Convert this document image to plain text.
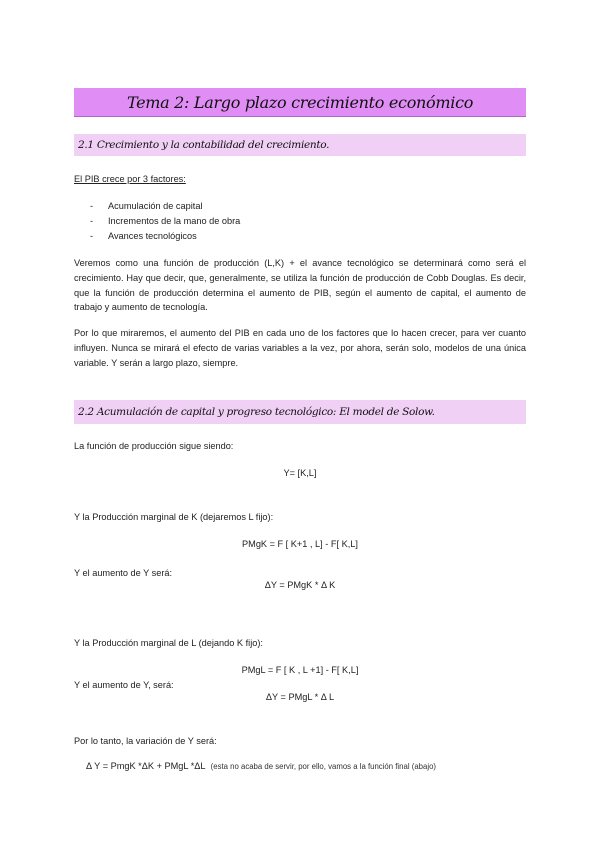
Tema 2: Largo plazo crecimiento económico
2.1 Crecimiento y la contabilidad del crecimiento.
El PIB crece por 3 factores:
- Acumulación de capital
- Incrementos de la mano de obra
- Avances tecnológicos
Veremos como una función de producción (L,K) + el avance tecnológico se determinará como será el crecimiento. Hay que decir, que, generalmente, se utiliza la función de producción de Cobb Douglas. Es decir, que la función de producción determina el aumento de PIB, según el aumento de capital, el aumento de trabajo y aumento de tecnología.
Por lo que miraremos, el aumento del PIB en cada uno de los factores que lo hacen crecer, para ver cuanto influyen. Nunca se mirará el efecto de varias variables a la vez, por ahora, serán solo, modelos de una única variable. Y serán a largo plazo, siempre.
2.2 Acumulación de capital y progreso tecnológico: El model de Solow.
La función de producción sigue siendo:
Y= [K,L]
Y la Producción marginal de K (dejaremos L fijo):
PMgK = F [ K+1 , L] - F[ K,L]
Y el aumento de Y será:
ΔY = PMgK * Δ K
Y la Producción marginal de L (dejando K fijo):
PMgL = F [ K , L +1] - F[ K,L]
Y el aumento de Y, será:
ΔY = PMgL * Δ L
Por lo tanto, la variación de Y será:
Δ Y = PmgK *ΔK + PMgL *ΔL (esta no acaba de servir, por ello, vamos a la función final (abajo)
